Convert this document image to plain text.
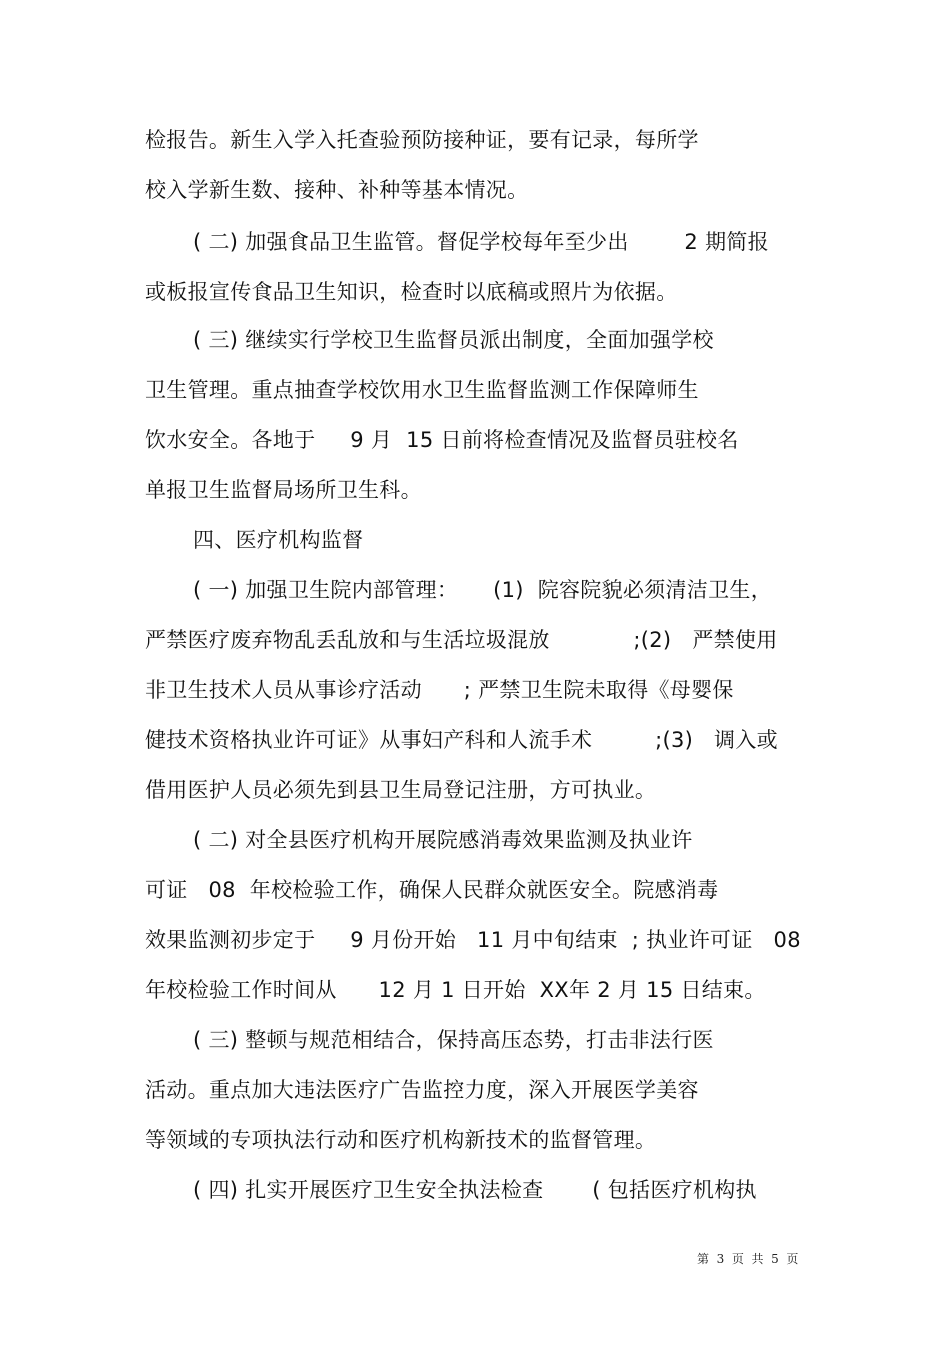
检报告。新生入学入托查验预防接种证，要有记录，每所学
校入学新生数、接种、补种等基本情况。
( 二) 加强食品卫生监管。督促学校每年至少出        2 期简报
或板报宣传食品卫生知识，检查时以底稿或照片为依据。
( 三) 继续实行学校卫生监督员派出制度，全面加强学校
卫生管理。重点抽查学校饮用水卫生监督监测工作保障师生
饮水安全。各地于     9 月  15 日前将检查情况及监督员驻校名
单报卫生监督局场所卫生科。
四、医疗机构监督
( 一) 加强卫生院内部管理：     (1)  院容院貌必须清洁卫生，
严禁医疗废弃物乱丢乱放和与生活垃圾混放            ;(2)   严禁使用
非卫生技术人员从事诊疗活动      ; 严禁卫生院未取得《母婴保
健技术资格执业许可证》从事妇产科和人流手术         ;(3)   调入或
借用医护人员必须先到县卫生局登记注册，方可执业。
( 二) 对全县医疗机构开展院感消毒效果监测及执业许
可证   08  年校检验工作，确保人民群众就医安全。院感消毒
效果监测初步定于     9 月份开始   11 月中旬结束  ; 执业许可证   08
年校检验工作时间从      12 月 1 日开始  XX年 2 月 15 日结束。
( 三) 整顿与规范相结合，保持高压态势，打击非法行医
活动。重点加大违法医疗广告监控力度，深入开展医学美容
等领域的专项执法行动和医疗机构新技术的监督管理。
( 四) 扎实开展医疗卫生安全执法检查       ( 包括医疗机构执
第  3  页  共  5  页
